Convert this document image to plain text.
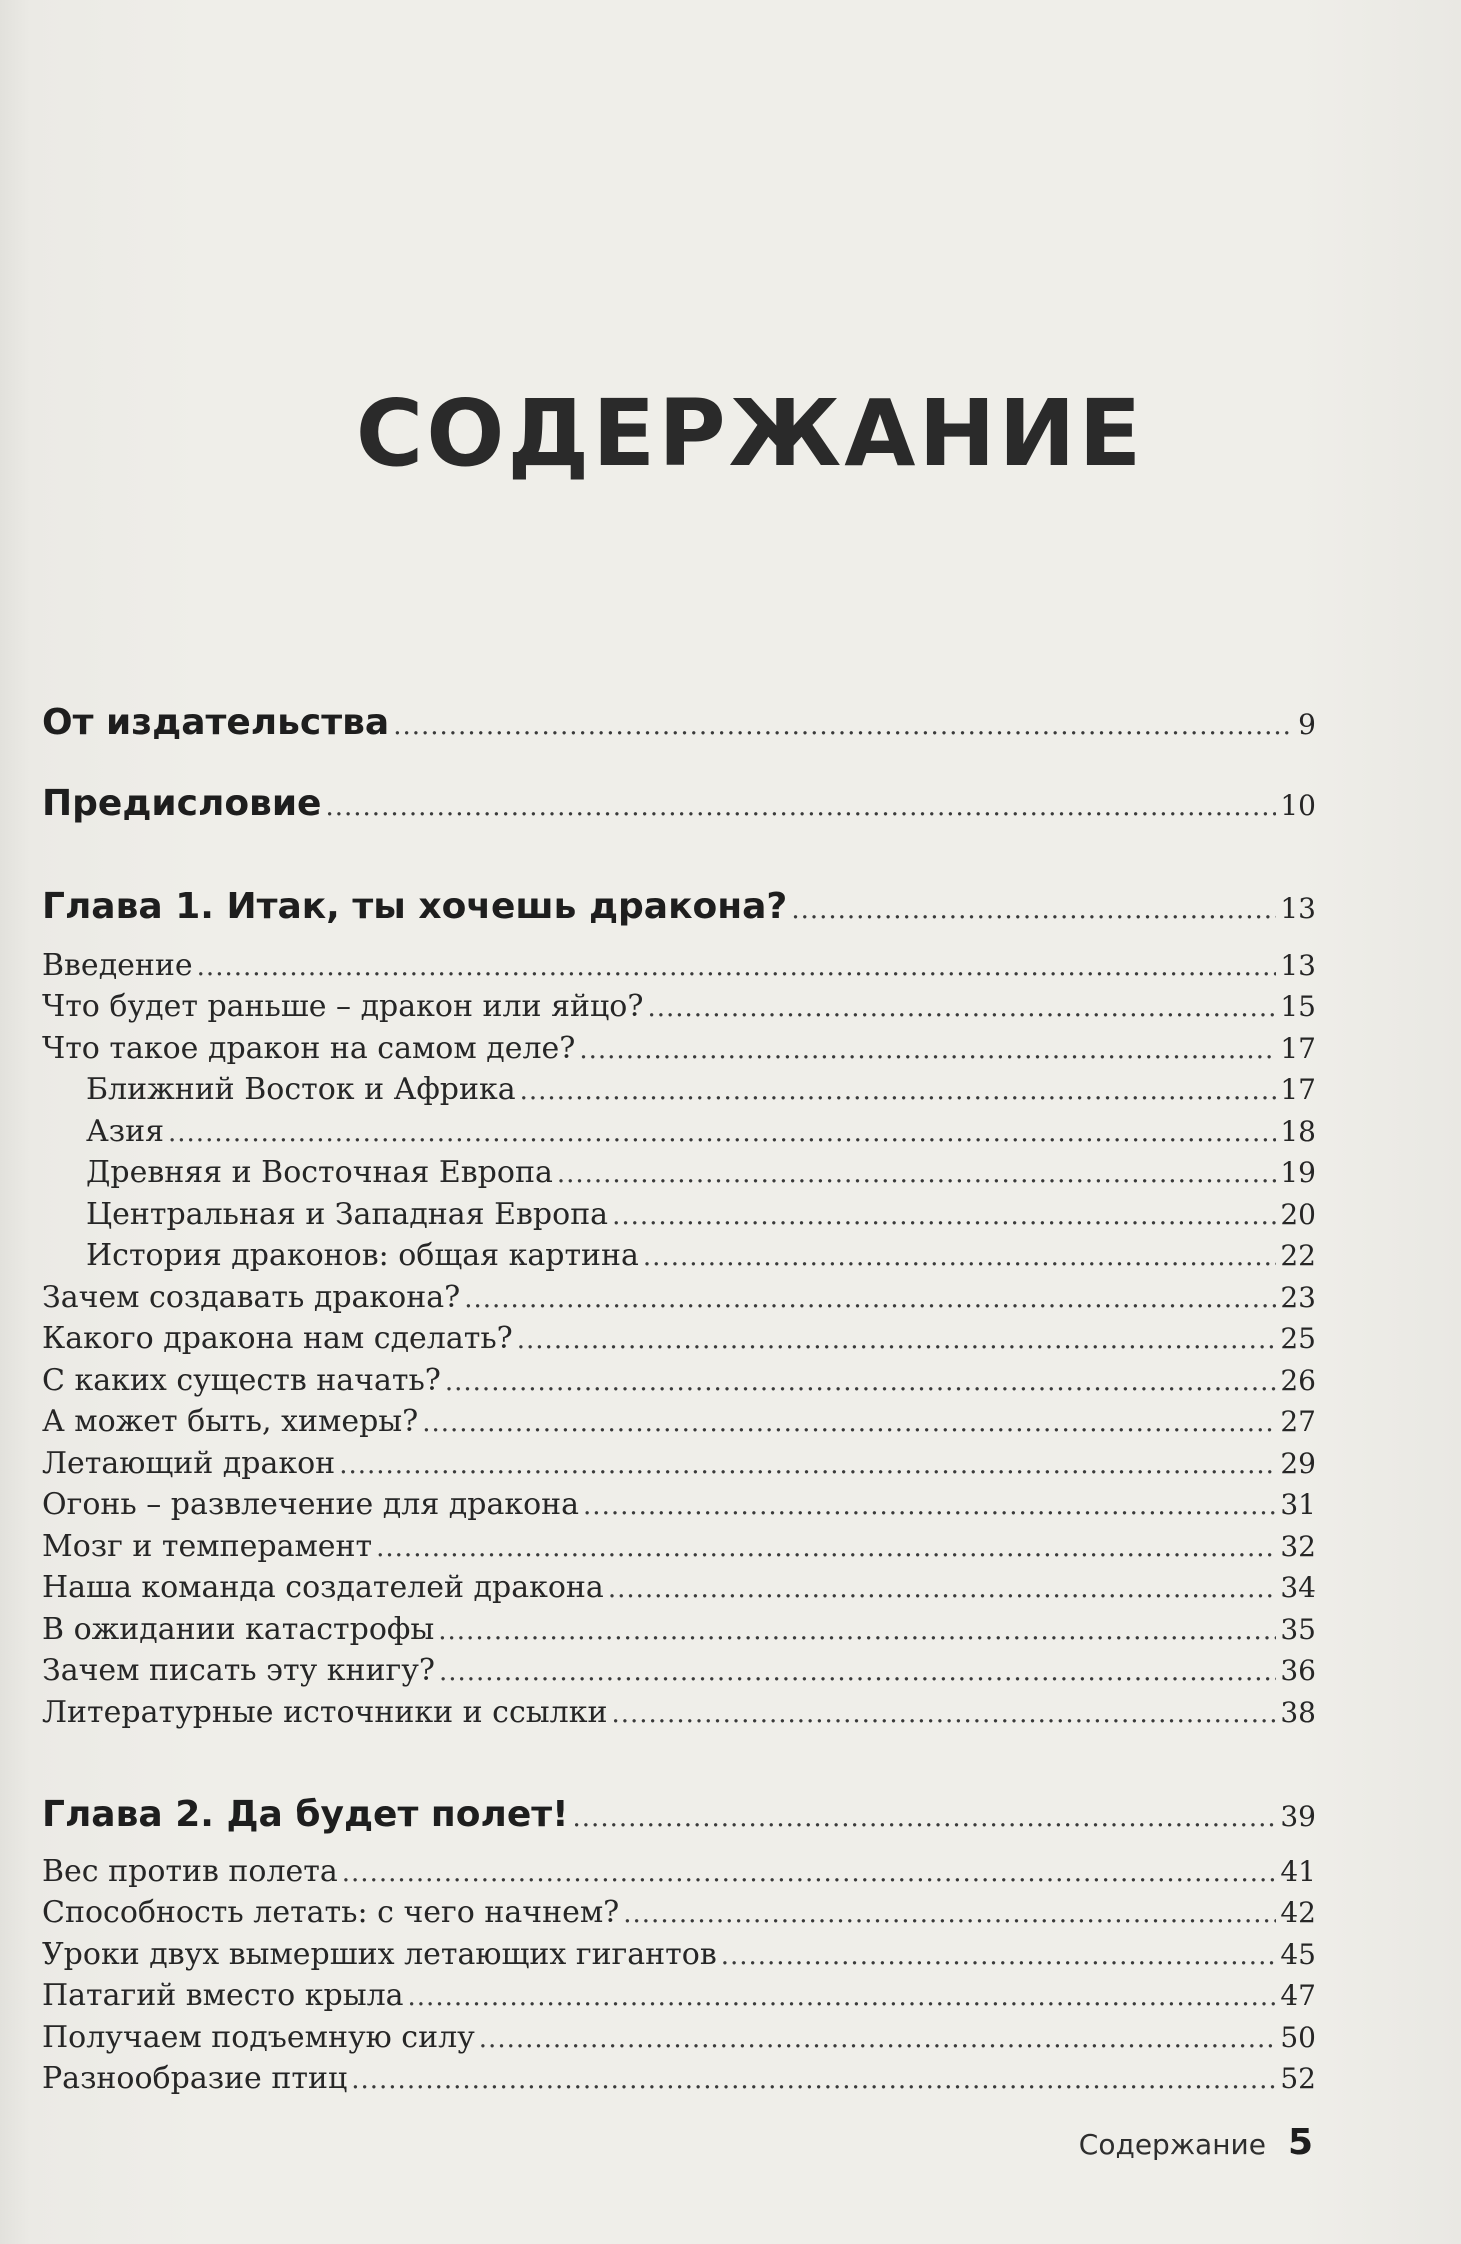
СОДЕРЖАНИЕ
От издательства .....	9
Предисловие .....	10
Глава 1. Итак, ты хочешь дракона? .....	13
Введение .....	13
Что будет раньше – дракон или яйцо? .....	15
Что такое дракон на самом деле? .....	17
Ближний Восток и Африка .....	17
Азия .....	18
Древняя и Восточная Европа .....	19
Центральная и Западная Европа .....	20
История драконов: общая картина .....	22
Зачем создавать дракона? .....	23
Какого дракона нам сделать? .....	25
С каких существ начать? .....	26
А может быть, химеры? .....	27
Летающий дракон .....	29
Огонь – развлечение для дракона .....	31
Мозг и темперамент .....	32
Наша команда создателей дракона .....	34
В ожидании катастрофы .....	35
Зачем писать эту книгу? .....	36
Литературные источники и ссылки .....	38
Глава 2. Да будет полет! .....	39
Вес против полета .....	41
Способность летать: с чего начнем? .....	42
Уроки двух вымерших летающих гигантов .....	45
Патагий вместо крыла .....	47
Получаем подъемную силу .....	50
Разнообразие птиц .....	52
Содержание 5
